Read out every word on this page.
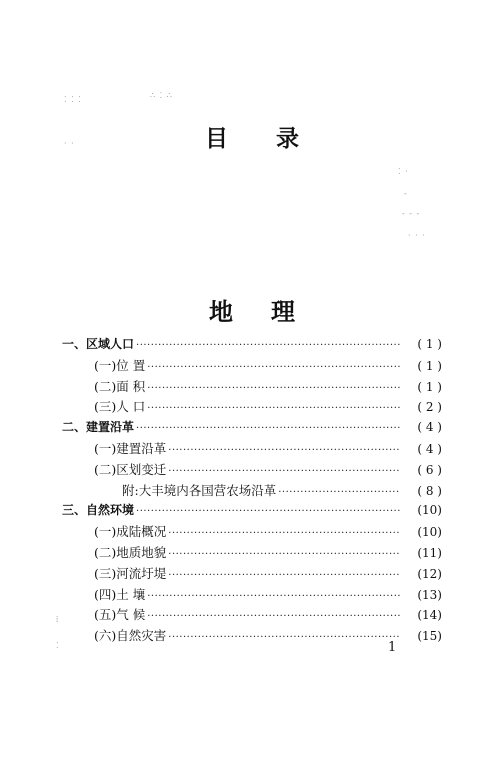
⁚ ⁚ ⁚	∴ ⁚ ∴
· ·
⁚ ·
-
- - -
· · ·
⁞
⁚
目录
地理
一、区域人口 ·····	( 1 )
(一)位 置 ·····	( 1 )
(二)面 积 ·····	( 1 )
(三)人 口 ·····	( 2 )
二、建置沿革 ·····	( 4 )
(一)建置沿革 ·····	( 4 )
(二)区划变迁 ·····	( 6 )
附:大丰境内各国营农场沿革 ·····	( 8 )
三、自然环境 ·····	(10)
(一)成陆概况 ·····	(10)
(二)地质地貌 ·····	(11)
(三)河流圩堤 ·····	(12)
(四)土 壤 ·····	(13)
(五)气 候 ·····	(14)
(六)自然灾害 ·····	(15)
1
